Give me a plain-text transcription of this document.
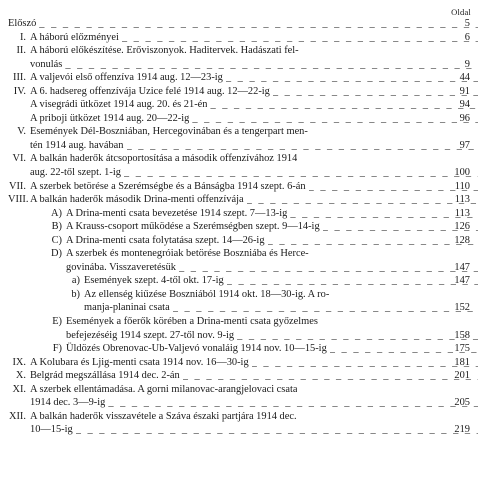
Oldal
Előszó _ _ _	5
I. A háború előzményei _ _ _	6
II. A háború előkészítése. Erőviszonyok. Haditervek. Hadászati fel-
vonulás _ _ _	9
III. A valjevói első offenzíva 1914 aug. 12—23-ig _ _ _	44
IV. A 6. hadsereg offenzívája Uzice felé 1914 aug. 12—22-ig _ _ _	91
A visegrádi ütközet 1914 aug. 20. és 21-én _ _ _	94
A priboji ütközet 1914 aug. 20—22-ig _ _ _	96
V. Események Dél-Boszniában, Hercegovinában és a tengerpart men-
tén 1914 aug. havában _ _ _	97
VI. A balkán haderők átcsoportosítása a második offenzívához 1914
aug. 22-től szept. 1-ig _ _ _	100
VII. A szerbek betörése a Szerémségbe és a Bánságba 1914 szept. 6-án _ _ _	110
VIII. A balkán haderők második Drina-menti offenzívája _ _ _	113
A) A Drina-menti csata bevezetése 1914 szept. 7—13-ig _ _ _	113
B) A Krauss-csoport működése a Szerémségben szept. 9—14-ig _ _ _	126
C) A Drina-menti csata folytatása szept. 14—26-ig _ _ _	128
D) A szerbek és montenegróiak betörése Boszniába és Herce-
govinába. Visszaveretésük _ _ _	147
a) Események szept. 4-től okt. 17-ig _ _ _	147
b) Az ellenség kiűzése Boszniából 1914 okt. 18—30-ig. A ro-
manja-planinai csata _ _ _	152
E) Események a főerők körében a Drina-menti csata győzelmes
befejezéséig 1914 szept. 27-től nov. 9-ig _ _ _	158
F) Üldözés Obrenovac-Ub-Valjevó vonaláig 1914 nov. 10—15-ig _ _ _	175
IX. A Kolubara és Ljig-menti csata 1914 nov. 16—30-ig _ _ _	181
X. Belgrád megszállása 1914 dec. 2-án _ _ _	201
XI. A szerbek ellentámadása. A gorni milanovac-arangjelovaci csata
1914 dec. 3—9-ig _ _ _	205
XII. A balkán haderők visszavétele a Száva északi partjára 1914 dec.
10—15-ig _ _ _	219
